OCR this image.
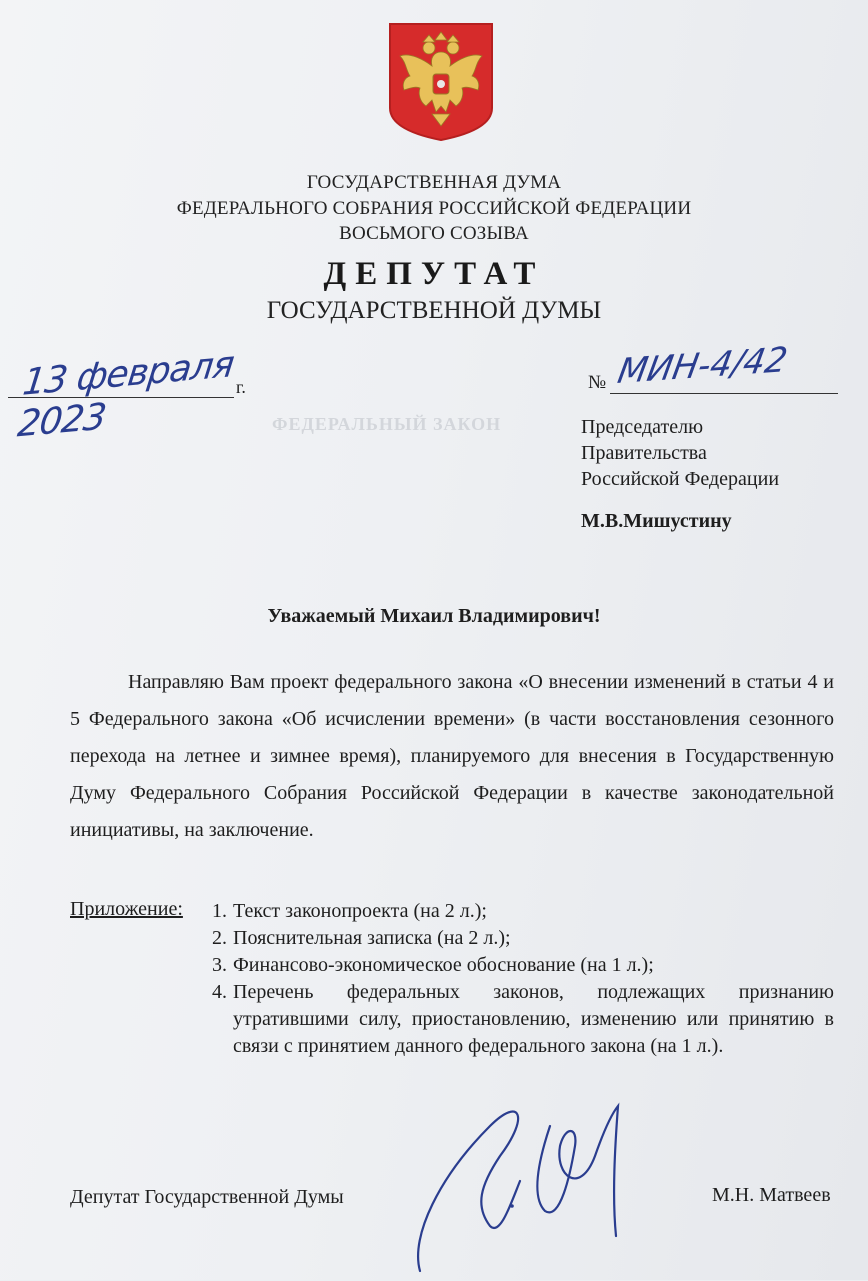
ФЕДЕРАЛЬНЫЙ ЗАКОН
ГОСУДАРСТВЕННАЯ ДУМА
ФЕДЕРАЛЬНОГО СОБРАНИЯ РОССИЙСКОЙ ФЕДЕРАЦИИ
ВОСЬМОГО СОЗЫВА
ДЕПУТАТ
ГОСУДАРСТВЕННОЙ ДУМЫ
13 февраля 2023
г.	№ МИН-4/42
Председателю
Правительства
Российской Федерации
М.В.Мишустину
Уважаемый Михаил Владимирович!
Направляю Вам проект федерального закона «О внесении изменений в статьи 4 и 5 Федерального закона «Об исчислении времени» (в части восстановления сезонного перехода на летнее и зимнее время), планируемого для внесения в Государственную Думу Федерального Собрания Российской Федерации в качестве законодательной инициативы, на заключение.
Приложение: 1. Текст законопроекта (на 2 л.);
2. Пояснительная записка (на 2 л.);
3. Финансово-экономическое обоснование (на 1 л.);
4. Перечень федеральных законов, подлежащих признанию утратившими силу, приостановлению, изменению или принятию в связи с принятием данного федерального закона (на 1 л.).
Депутат Государственной Думы	М.Н. Матвеев
